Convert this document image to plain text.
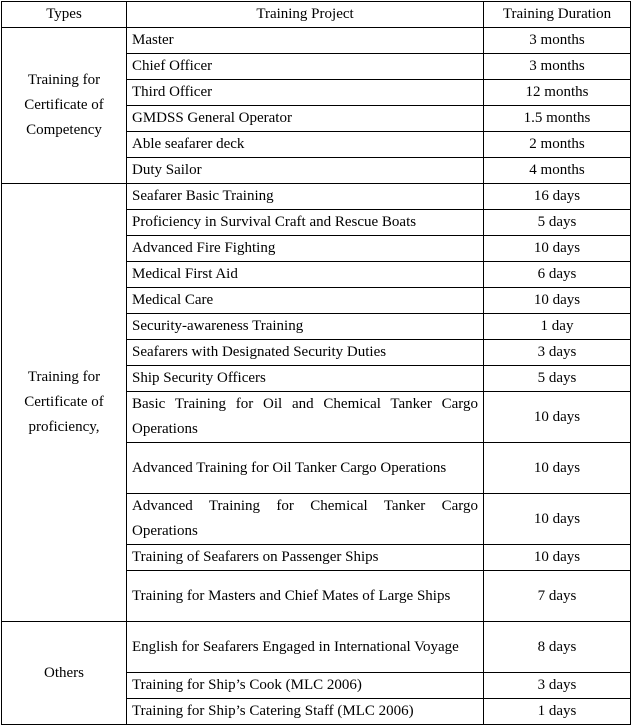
Types	Training Project	Training Duration
Training for Certificate of Competency	Master	3 months
	Chief Officer	3 months
	Third Officer	12 months
	GMDSS General Operator	1.5 months
	Able seafarer deck	2 months
	Duty Sailor	4 months
Training for Certificate of proficiency,	Seafarer Basic Training	16 days
	Proficiency in Survival Craft and Rescue Boats	5 days
	Advanced Fire Fighting	10 days
	Medical First Aid	6 days
	Medical Care	10 days
	Security-awareness Training	1 day
	Seafarers with Designated Security Duties	3 days
	Ship Security Officers	5 days
	Basic Training for Oil and Chemical Tanker Cargo Operations	10 days
	Advanced Training for Oil Tanker Cargo Operations	10 days
	Advanced Training for Chemical Tanker Cargo Operations	10 days
	Training of Seafarers on Passenger Ships	10 days
	Training for Masters and Chief Mates of Large Ships	7 days
Others	English for Seafarers Engaged in International Voyage	8 days
	Training for Ship’s Cook (MLC 2006)	3 days
	Training for Ship’s Catering Staff (MLC 2006)	1 days
